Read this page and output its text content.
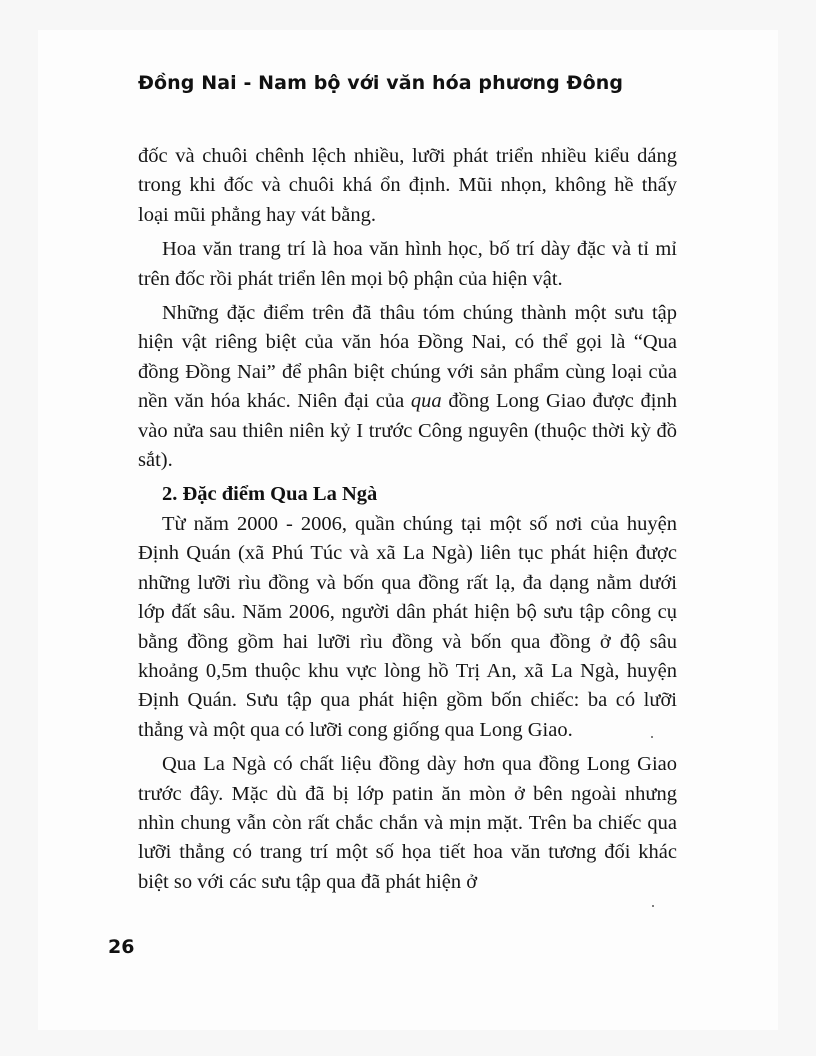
Đồng Nai - Nam bộ với văn hóa phương Đông

đốc và chuôi chênh lệch nhiều, lưỡi phát triển nhiều kiểu dáng trong khi đốc và chuôi khá ổn định. Mũi nhọn, không hề thấy loại mũi phẳng hay vát bằng.

Hoa văn trang trí là hoa văn hình học, bố trí dày đặc và tỉ mỉ trên đốc rồi phát triển lên mọi bộ phận của hiện vật.

Những đặc điểm trên đã thâu tóm chúng thành một sưu tập hiện vật riêng biệt của văn hóa Đồng Nai, có thể gọi là “Qua đồng Đồng Nai” để phân biệt chúng với sản phẩm cùng loại của nền văn hóa khác. Niên đại của qua đồng Long Giao được định vào nửa sau thiên niên kỷ I trước Công nguyên (thuộc thời kỳ đồ sắt).

2. Đặc điểm Qua La Ngà

Từ năm 2000 - 2006, quần chúng tại một số nơi của huyện Định Quán (xã Phú Túc và xã La Ngà) liên tục phát hiện được những lưỡi rìu đồng và bốn qua đồng rất lạ, đa dạng nằm dưới lớp đất sâu. Năm 2006, người dân phát hiện bộ sưu tập công cụ bằng đồng gồm hai lưỡi rìu đồng và bốn qua đồng ở độ sâu khoảng 0,5m thuộc khu vực lòng hồ Trị An, xã La Ngà, huyện Định Quán. Sưu tập qua phát hiện gồm bốn chiếc: ba có lưỡi thẳng và một qua có lưỡi cong giống qua Long Giao.

Qua La Ngà có chất liệu đồng dày hơn qua đồng Long Giao trước đây. Mặc dù đã bị lớp patin ăn mòn ở bên ngoài nhưng nhìn chung vẫn còn rất chắc chắn và mịn mặt. Trên ba chiếc qua lưỡi thẳng có trang trí một số họa tiết hoa văn tương đối khác biệt so với các sưu tập qua đã phát hiện ở

26
